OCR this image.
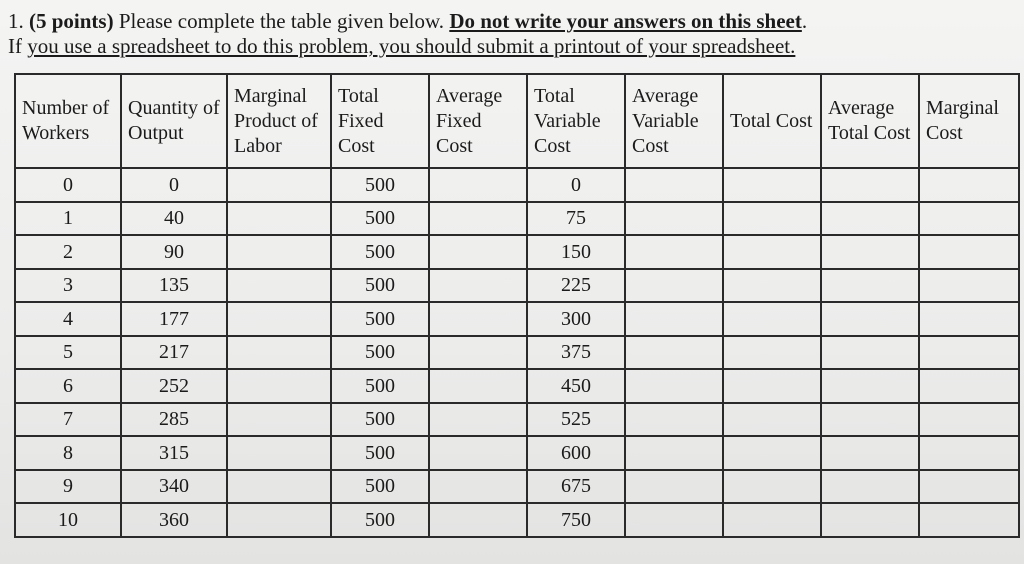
1. (5 points) Please complete the table given below. Do not write your answers on this sheet.
If you use a spreadsheet to do this problem, you should submit a printout of your spreadsheet.
Number of Workers	Quantity of Output	Marginal Product of Labor	Total Fixed Cost	Average Fixed Cost	Total Variable Cost	Average Variable Cost	Total Cost	Average Total Cost	Marginal Cost
0	0		500		0				
1	40		500		75				
2	90		500		150				
3	135		500		225				
4	177		500		300				
5	217		500		375				
6	252		500		450				
7	285		500		525				
8	315		500		600				
9	340		500		675				
10	360		500		750				
